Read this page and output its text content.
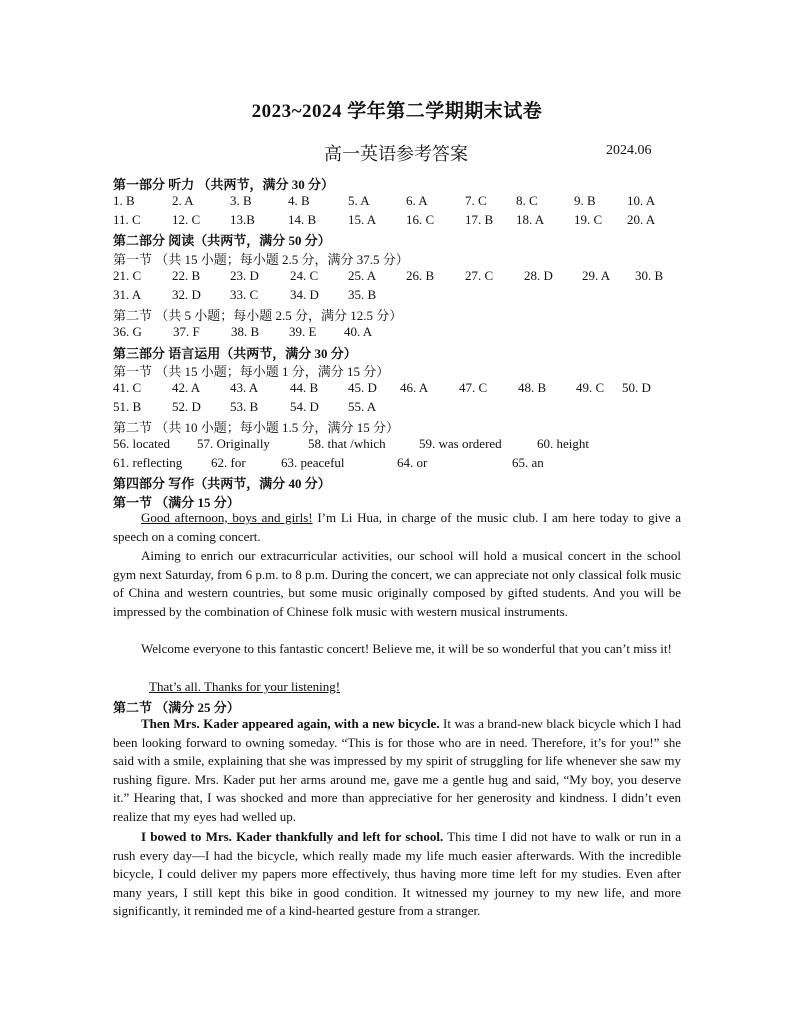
2023~2024 学年第二学期期末试卷
高一英语参考答案	2024.06
第一部分 听力 （共两节，满分 30 分）
1. B	2. A	3. B	4. B	5. A	6. A	7. C 8. C	9. B 10. A
11. C 12. C 13.B	14. B 15. A 16. C 17. B 18. A 19. C 20. A
第二部分 阅读（共两节，满分 50 分）
第一节 （共 15 小题；每小题 2.5 分，满分 37.5 分）
21. C 22. B 23. D 24. C 25. A 26. B 27. C 28. D 29. A 30. B
31. A 32. D 33. C 34. D 35. B
第二节 （共 5 小题；每小题 2.5 分，满分 12.5 分）
36. G 37. F 38. B 39. E 40. A
第三部分 语言运用（共两节，满分 30 分）
第一节 （共 15 小题；每小题 1 分，满分 15 分）
41. C 42. A 43. A 44. B 45. D 46. A 47. C 48. B 49. C 50. D
51. B 52. D 53. B 54. D 55. A
第二节 （共 10 小题；每小题 1.5 分，满分 15 分）
56. located 57. Originally	58. that /which	59. was ordered	60. height
61. reflecting 62. for	63. peaceful	64. or	65. an
第四部分 写作（共两节，满分 40 分）
第一节 （满分 15 分）

Good afternoon, boys and girls! I’m Li Hua, in charge of the music club. I am here today to give a speech on a coming concert.

Aiming to enrich our extracurricular activities, our school will hold a musical concert in the school gym next Saturday, from 6 p.m. to 8 p.m. During the concert, we can appreciate not only classical folk music of China and western countries, but some music originally composed by gifted students. And you will be impressed by the combination of Chinese folk music with western musical instruments.

Welcome everyone to this fantastic concert! Believe me, it will be so wonderful that you can’t miss it!

That’s all. Thanks for your listening!
第二节 （满分 25 分）

Then Mrs. Kader appeared again, with a new bicycle. It was a brand-new black bicycle which I had been looking forward to owning someday. “This is for those who are in need. Therefore, it’s for you!” she said with a smile, explaining that she was impressed by my spirit of struggling for life whenever she saw my rushing figure. Mrs. Kader put her arms around me, gave me a gentle hug and said, “My boy, you deserve it.” Hearing that, I was shocked and more than appreciative for her generosity and kindness. I didn’t even realize that my eyes had welled up.

I bowed to Mrs. Kader thankfully and left for school. This time I did not have to walk or run in a rush every day—I had the bicycle, which really made my life much easier afterwards. With the incredible bicycle, I could deliver my papers more effectively, thus having more time left for my studies. Even after many years, I still kept this bike in good condition. It witnessed my journey to my new life, and more significantly, it reminded me of a kind-hearted gesture from a stranger.
